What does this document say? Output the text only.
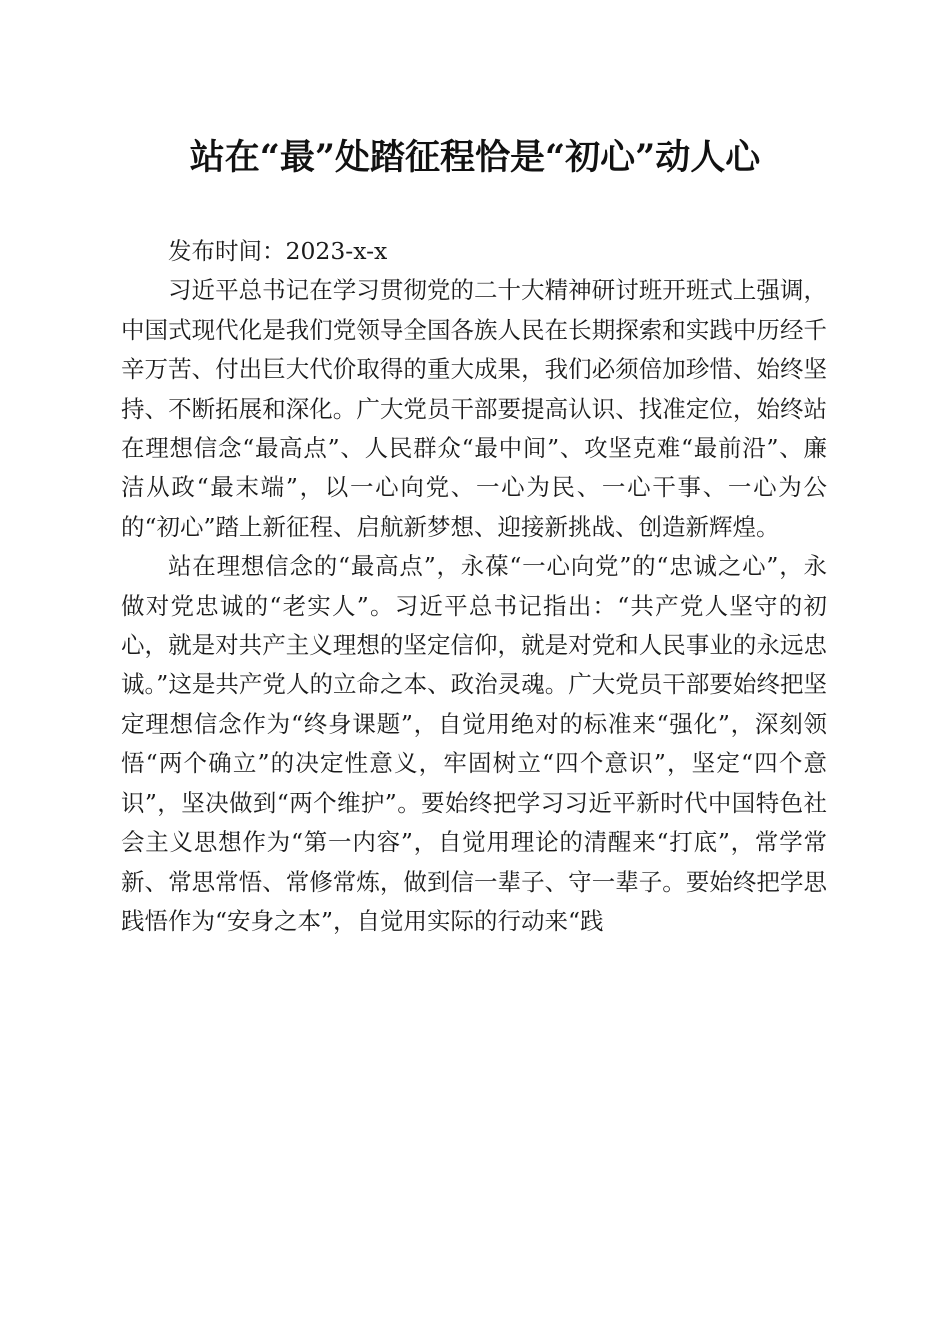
站在“最”处踏征程恰是“初心”动人心

发布时间：2023-x-x

习近平总书记在学习贯彻党的二十大精神研讨班开班式上强调，中国式现代化是我们党领导全国各族人民在长期探索和实践中历经千辛万苦、付出巨大代价取得的重大成果，我们必须倍加珍惜、始终坚持、不断拓展和深化。广大党员干部要提高认识、找准定位，始终站在理想信念“最高点”、人民群众“最中间”、攻坚克难“最前沿”、廉洁从政“最末端”，以一心向党、一心为民、一心干事、一心为公的“初心”踏上新征程、启航新梦想、迎接新挑战、创造新辉煌。

站在理想信念的“最高点”，永葆“一心向党”的“忠诚之心”，永做对党忠诚的“老实人”。习近平总书记指出：“共产党人坚守的初心，就是对共产主义理想的坚定信仰，就是对党和人民事业的永远忠诚。”这是共产党人的立命之本、政治灵魂。广大党员干部要始终把坚定理想信念作为“终身课题”，自觉用绝对的标准来“强化”，深刻领悟“两个确立”的决定性意义，牢固树立“四个意识”，坚定“四个意识”，坚决做到“两个维护”。要始终把学习习近平新时代中国特色社会主义思想作为“第一内容”，自觉用理论的清醒来“打底”，常学常新、常思常悟、常修常炼，做到信一辈子、守一辈子。要始终把学思践悟作为“安身之本”，自觉用实际的行动来“践
